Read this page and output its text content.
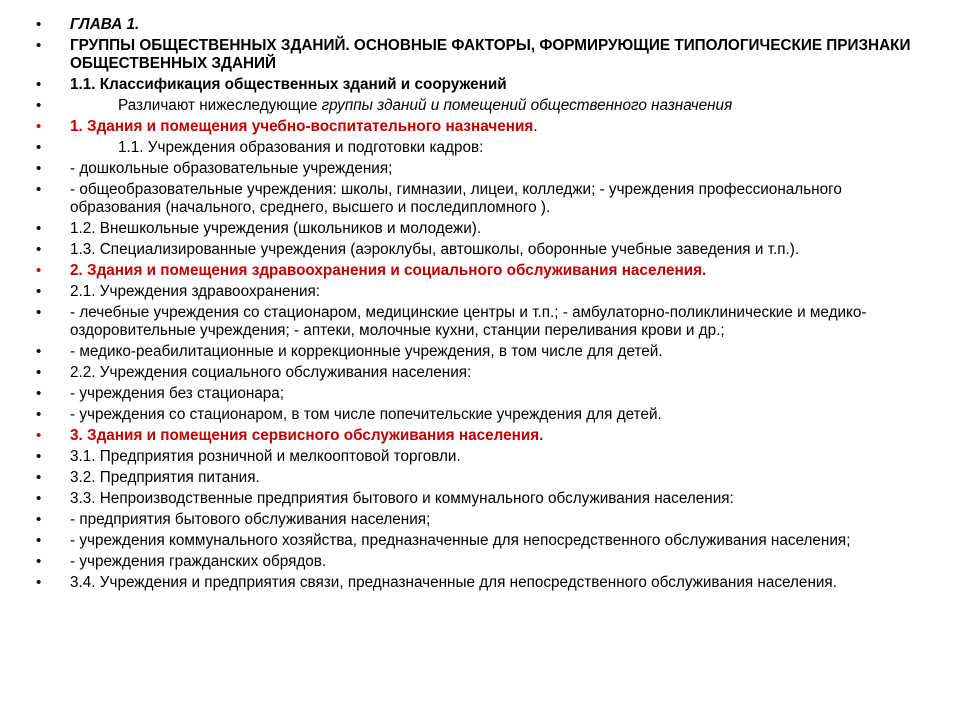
• ГЛАВА 1.
• ГРУППЫ ОБЩЕСТВЕННЫХ ЗДАНИЙ. ОСНОВНЫЕ ФАКТОРЫ, ФОРМИРУЮЩИЕ ТИПОЛОГИЧЕСКИЕ ПРИЗНАКИ ОБЩЕСТВЕННЫХ ЗДАНИЙ
• 1.1. Классификация общественных зданий и сооружений
•	Различают нижеследующие группы зданий и помещений общественного назначения
• 1. Здания и помещения учебно-воспитательного назначения.
•	1.1. Учреждения образования и подготовки кадров:
• - дошкольные образовательные учреждения;
• - общеобразовательные учреждения: школы, гимназии, лицеи, колледжи; - учреждения профессионального образования (начального, среднего, высшего и последипломного ).
• 1.2. Внешкольные учреждения (школьников и молодежи).
• 1.3. Специализированные учреждения (аэроклубы, автошколы, оборонные учебные заведения и т.п.).
• 2. Здания и помещения здравоохранения и социального обслуживания населения.
• 2.1. Учреждения здравоохранения:
• - лечебные учреждения со стационаром, медицинские центры и т.п.; - амбулаторно-поликлинические и медико-оздоровительные учреждения; - аптеки, молочные кухни, станции переливания крови и др.;
• - медико-реабилитационные и коррекционные учреждения, в том числе для детей.
• 2.2. Учреждения социального обслуживания населения:
• - учреждения без стационара;
• - учреждения со стационаром, в том числе попечительские учреждения для детей.
• 3. Здания и помещения сервисного обслуживания населения.
• 3.1. Предприятия розничной и мелкооптовой торговли.
• 3.2. Предприятия питания.
• 3.3. Непроизводственные предприятия бытового и коммунального обслуживания населения:
• - предприятия бытового обслуживания населения;
• - учреждения коммунального хозяйства, предназначенные для непосредственного обслуживания населения;
• - учреждения гражданских обрядов.
• 3.4. Учреждения и предприятия связи, предназначенные для непосредственного обслуживания населения.
